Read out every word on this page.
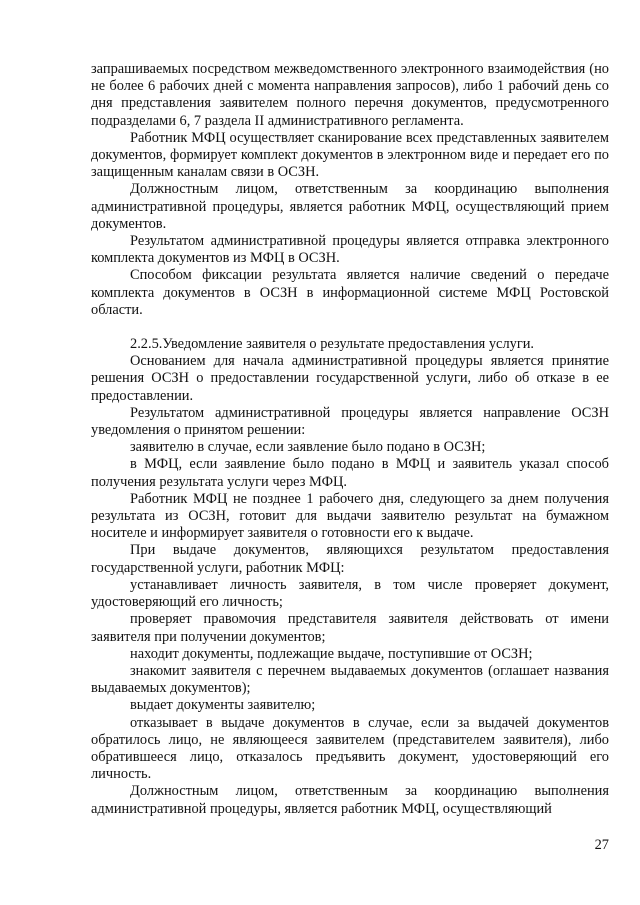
запрашиваемых посредством межведомственного электронного взаимодействия (но не более 6 рабочих дней с момента направления запросов), либо 1 рабочий день со дня представления заявителем полного перечня документов, предусмотренного подразделами 6, 7 раздела II административного регламента.

Работник МФЦ осуществляет сканирование всех представленных заявителем документов, формирует комплект документов в электронном виде и передает его по защищенным каналам связи в ОСЗН.

Должностным лицом, ответственным за координацию выполнения административной процедуры, является работник МФЦ, осуществляющий прием документов.

Результатом административной процедуры является отправка электронного комплекта документов из МФЦ в ОСЗН.

Способом фиксации результата является наличие сведений о передаче комплекта документов в ОСЗН в информационной системе МФЦ Ростовской области.

2.2.5.Уведомление заявителя о результате предоставления услуги.

Основанием для начала административной процедуры является принятие решения ОСЗН о предоставлении государственной услуги, либо об отказе в ее предоставлении.

Результатом административной процедуры является направление ОСЗН уведомления о принятом решении:

заявителю в случае, если заявление было подано в ОСЗН;

в МФЦ, если заявление было подано в МФЦ и заявитель указал способ получения результата услуги через МФЦ.

Работник МФЦ не позднее 1 рабочего дня, следующего за днем получения результата из ОСЗН, готовит для выдачи заявителю результат на бумажном носителе и информирует заявителя о готовности его к выдаче.

При выдаче документов, являющихся результатом предоставления государственной услуги, работник МФЦ:

устанавливает личность заявителя, в том числе проверяет документ, удостоверяющий его личность;

проверяет правомочия представителя заявителя действовать от имени заявителя при получении документов;

находит документы, подлежащие выдаче, поступившие от ОСЗН;

знакомит заявителя с перечнем выдаваемых документов (оглашает названия выдаваемых документов);

выдает документы заявителю;

отказывает в выдаче документов в случае, если за выдачей документов обратилось лицо, не являющееся заявителем (представителем заявителя), либо обратившееся лицо, отказалось предъявить документ, удостоверяющий его личность.

Должностным лицом, ответственным за координацию выполнения административной процедуры, является работник МФЦ, осуществляющий

27
